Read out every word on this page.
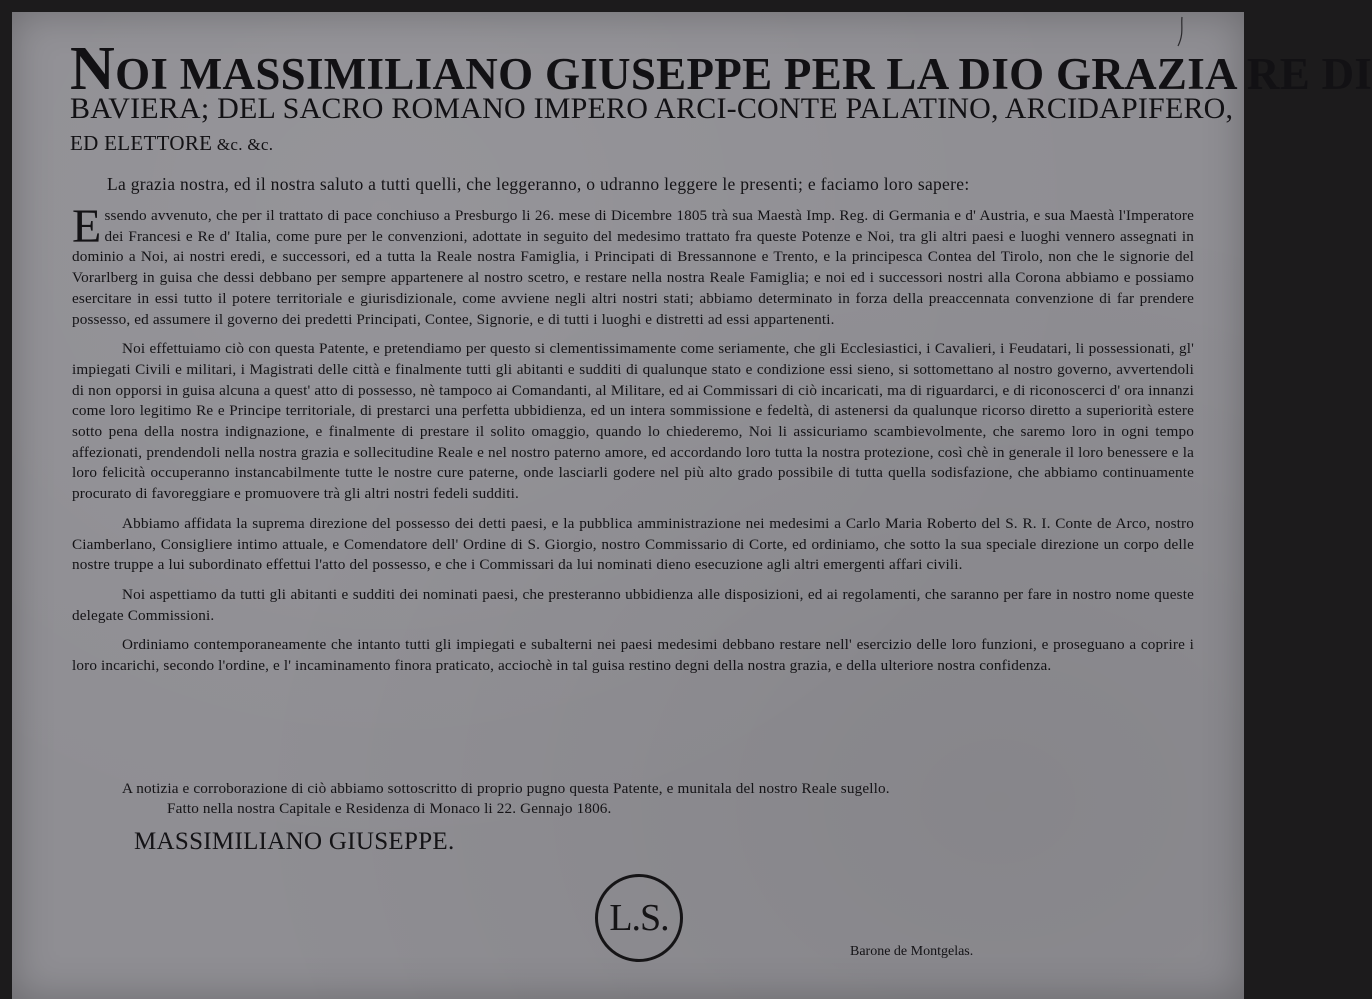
NOI MASSIMILIANO GIUSEPPE PER LA DIO GRAZIA RE DI
BAVIERA; DEL SACRO ROMANO IMPERO ARCI-CONTE PALATINO, ARCIDAPIFERO,
ED ELETTORE &c. &c.
La grazia nostra, ed il nostra saluto a tutti quelli, che leggeranno, o udranno leggere le presenti; e faciamo loro sapere:

Essendo avvenuto, che per il trattato di pace conchiuso a Presburgo li 26. mese di Dicembre 1805 trà sua Maestà Imp. Reg. di Germania e d' Austria, e sua Maestà l'Imperatore dei Francesi e Re d' Italia, come pure per le convenzioni, adottate in seguito del medesimo trattato fra queste Potenze e Noi, tra gli altri paesi e luoghi vennero assegnati in dominio a Noi, ai nostri eredi, e successori, ed a tutta la Reale nostra Famiglia, i Principati di Bressannone e Trento, e la principesca Contea del Tirolo, non che le signorie del Vorarlberg in guisa che dessi debbano per sempre appartenere al nostro scetro, e restare nella nostra Reale Famiglia; e noi ed i successori nostri alla Corona abbiamo e possiamo esercitare in essi tutto il potere territoriale e giurisdizionale, come avviene negli altri nostri stati; abbiamo determinato in forza della preaccennata convenzione di far prendere possesso, ed assumere il governo dei predetti Principati, Contee, Signorie, e di tutti i luoghi e distretti ad essi appartenenti.

Noi effettuiamo ciò con questa Patente, e pretendiamo per questo si clementissimamente come seriamente, che gli Ecclesiastici, i Cavalieri, i Feudatari, li possessionati, gl' impiegati Civili e militari, i Magistrati delle città e finalmente tutti gli abitanti e sudditi di qualunque stato e condizione essi sieno, si sottomettano al nostro governo, avvertendoli di non opporsi in guisa alcuna a quest' atto di possesso, nè tampoco ai Comandanti, al Militare, ed ai Commissari di ciò incaricati, ma di riguardarci, e di riconoscerci d' ora innanzi come loro legitimo Re e Principe territoriale, di prestarci una perfetta ubbidienza, ed un intera sommissione e fedeltà, di astenersi da qualunque ricorso diretto a superiorità estere sotto pena della nostra indignazione, e finalmente di prestare il solito omaggio, quando lo chiederemo, Noi li assicuriamo scambievolmente, che saremo loro in ogni tempo affezionati, prendendoli nella nostra grazia e sollecitudine Reale e nel nostro paterno amore, ed accordando loro tutta la nostra protezione, così chè in generale il loro benessere e la loro felicità occuperanno instancabilmente tutte le nostre cure paterne, onde lasciarli godere nel più alto grado possibile di tutta quella sodisfazione, che abbiamo continuamente procurato di favoreggiare e promuovere trà gli altri nostri fedeli sudditi.

Abbiamo affidata la suprema direzione del possesso dei detti paesi, e la pubblica amministrazione nei medesimi a Carlo Maria Roberto del S. R. I. Conte de Arco, nostro Ciamberlano, Consigliere intimo attuale, e Comendatore dell' Ordine di S. Giorgio, nostro Commissario di Corte, ed ordiniamo, che sotto la sua speciale direzione un corpo delle nostre truppe a lui subordinato effettui l'atto del possesso, e che i Commissari da lui nominati dieno esecuzione agli altri emergenti affari civili.

Noi aspettiamo da tutti gli abitanti e sudditi dei nominati paesi, che presteranno ubbidienza alle disposizioni, ed ai regolamenti, che saranno per fare in nostro nome queste delegate Commissioni.

Ordiniamo contemporaneamente che intanto tutti gli impiegati e subalterni nei paesi medesimi debbano restare nell' esercizio delle loro funzioni, e proseguano a coprire i loro incarichi, secondo l'ordine, e l' incaminamento finora praticato, acciochè in tal guisa restino degni della nostra grazia, e della ulteriore nostra confidenza.

A notizia e corroborazione di ciò abbiamo sottoscritto di proprio pugno questa Patente, e munitala del nostro Reale sugello.
Fatto nella nostra Capitale e Residenza di Monaco li 22. Gennajo 1806.
MASSIMILIANO GIUSEPPE.
L.S.
Barone de Montgelas.
